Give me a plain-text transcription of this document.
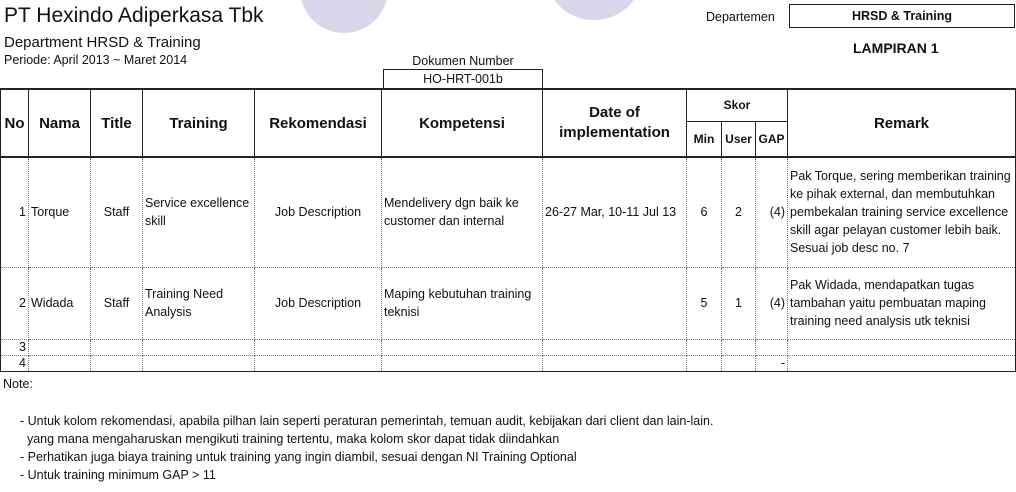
PT Hexindo Adiperkasa Tbk
Department HRSD & Training
Periode: April 2013 ~ Maret 2014	Dokumen Number
HO-HRT-001b
Departemen	HRSD & Training
LAMPIRAN 1
No	Nama	Title	Training	Rekomendasi	Kompetensi	Date of implementation	Skor			Remark
							Min	User	GAP	
1	Torque	Staff	Service excellence skill	Job Description	Mendelivery dgn baik ke customer dan internal	26-27 Mar, 10-11 Jul 13	6	2	(4)	Pak Torque, sering memberikan training ke pihak external, dan membutuhkan pembekalan training service excellence skill agar pelayan customer lebih baik. Sesuai job desc no. 7
2	Widada	Staff	Training Need Analysis	Job Description	Maping kebutuhan training teknisi		5	1	(4)	Pak Widada, mendapatkan tugas tambahan yaitu pembuatan maping training need analysis utk teknisi
3										
4									-	
Note:
- Untuk kolom rekomendasi, apabila pilhan lain seperti peraturan pemerintah, temuan audit, kebijakan dari client dan lain-lain.
yang mana mengaharuskan mengikuti training tertentu, maka kolom skor dapat tidak diindahkan
- Perhatikan juga biaya training untuk training yang ingin diambil, sesuai dengan NI Training Optional
- Untuk training minimum GAP > 11
